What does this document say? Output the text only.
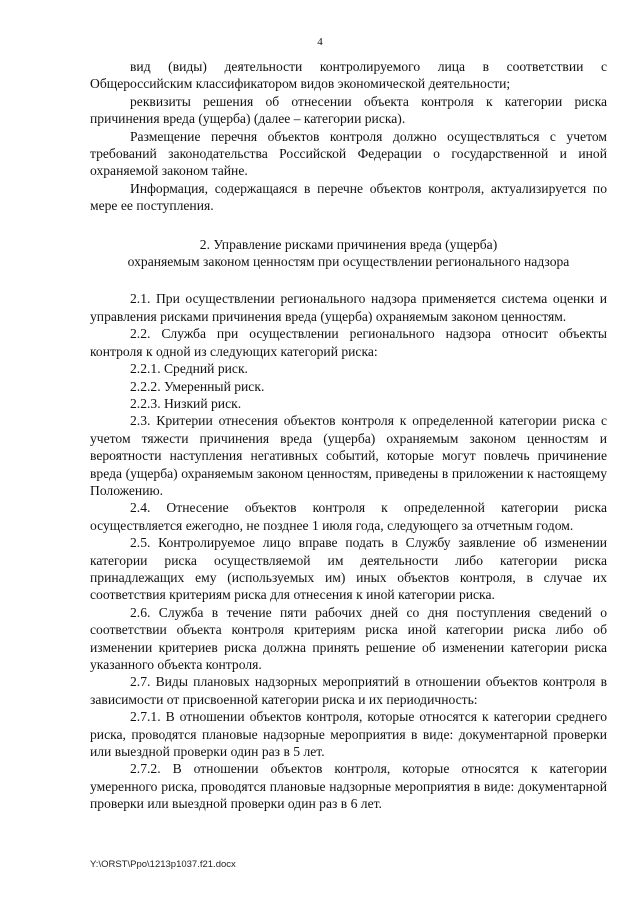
4

вид (виды) деятельности контролируемого лица в соответствии с Общероссийским классификатором видов экономической деятельности;

реквизиты решения об отнесении объекта контроля к категории риска причинения вреда (ущерба) (далее – категории риска).

Размещение перечня объектов контроля должно осуществляться с учетом требований законодательства Российской Федерации о государственной и иной охраняемой законом тайне.

Информация, содержащаяся в перечне объектов контроля, актуализируется по мере ее поступления.

2. Управление рисками причинения вреда (ущерба)
охраняемым законом ценностям при осуществлении регионального надзора

2.1. При осуществлении регионального надзора применяется система оценки и управления рисками причинения вреда (ущерба) охраняемым законом ценностям.

2.2. Служба при осуществлении регионального надзора относит объекты контроля к одной из следующих категорий риска:

2.2.1. Средний риск.

2.2.2. Умеренный риск.

2.2.3. Низкий риск.

2.3. Критерии отнесения объектов контроля к определенной категории риска с учетом тяжести причинения вреда (ущерба) охраняемым законом ценностям и вероятности наступления негативных событий, которые могут повлечь причинение вреда (ущерба) охраняемым законом ценностям, приведены в приложении к настоящему Положению.

2.4. Отнесение объектов контроля к определенной категории риска осуществляется ежегодно, не позднее 1 июля года, следующего за отчетным годом.

2.5. Контролируемое лицо вправе подать в Службу заявление об изменении категории риска осуществляемой им деятельности либо категории риска принадлежащих ему (используемых им) иных объектов контроля, в случае их соответствия критериям риска для отнесения к иной категории риска.

2.6. Служба в течение пяти рабочих дней со дня поступления сведений о соответствии объекта контроля критериям риска иной категории риска либо об изменении критериев риска должна принять решение об изменении категории риска указанного объекта контроля.

2.7. Виды плановых надзорных мероприятий в отношении объектов контроля в зависимости от присвоенной категории риска и их периодичность:

2.7.1. В отношении объектов контроля, которые относятся к категории среднего риска, проводятся плановые надзорные мероприятия в виде: документарной проверки или выездной проверки один раз в 5 лет.

2.7.2. В отношении объектов контроля, которые относятся к категории умеренного риска, проводятся плановые надзорные мероприятия в виде: документарной проверки или выездной проверки один раз в 6 лет.

Y:\ORST\Ppo\1213p1037.f21.docx
